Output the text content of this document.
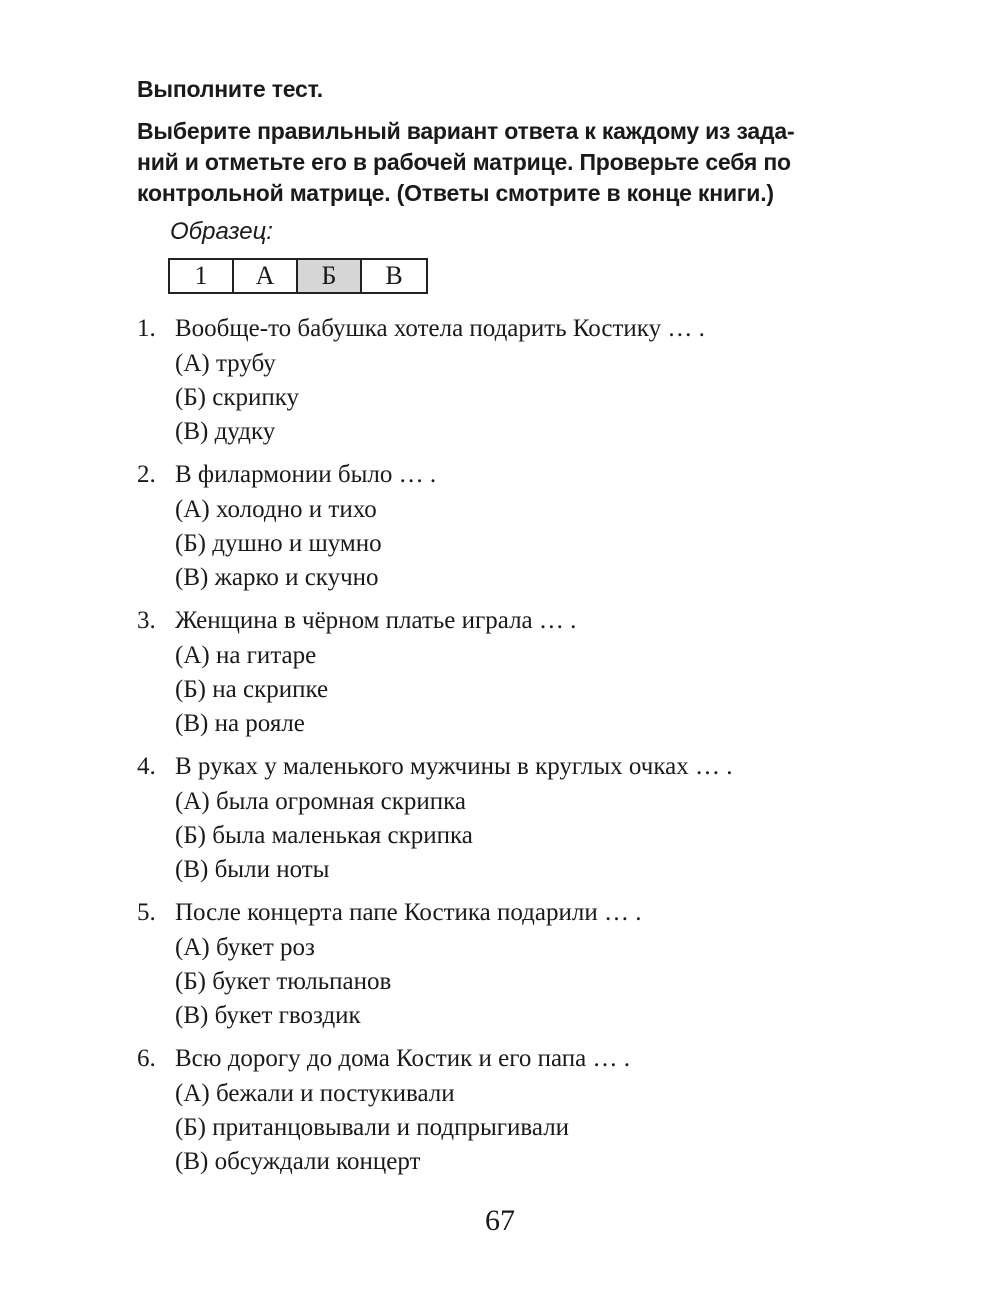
Выполните тест.

Выберите правильный вариант ответа к каждому из зада-
ний и отметьте его в рабочей матрице. Проверьте себя по
контрольной матрице. (Ответы смотрите в конце книги.)

Образец:
1	А	Б	В
1. Вообще-то бабушка хотела подарить Костику … .
(А) трубу
(Б) скрипку
(В) дудку
2. В филармонии было … .
(А) холодно и тихо
(Б) душно и шумно
(В) жарко и скучно
3. Женщина в чёрном платье играла … .
(А) на гитаре
(Б) на скрипке
(В) на рояле
4. В руках у маленького мужчины в круглых очках … .
(А) была огромная скрипка
(Б) была маленькая скрипка
(В) были ноты
5. После концерта папе Костика подарили … .
(А) букет роз
(Б) букет тюльпанов
(В) букет гвоздик
6. Всю дорогу до дома Костик и его папа … .
(А) бежали и постукивали
(Б) пританцовывали и подпрыгивали
(В) обсуждали концерт
67
